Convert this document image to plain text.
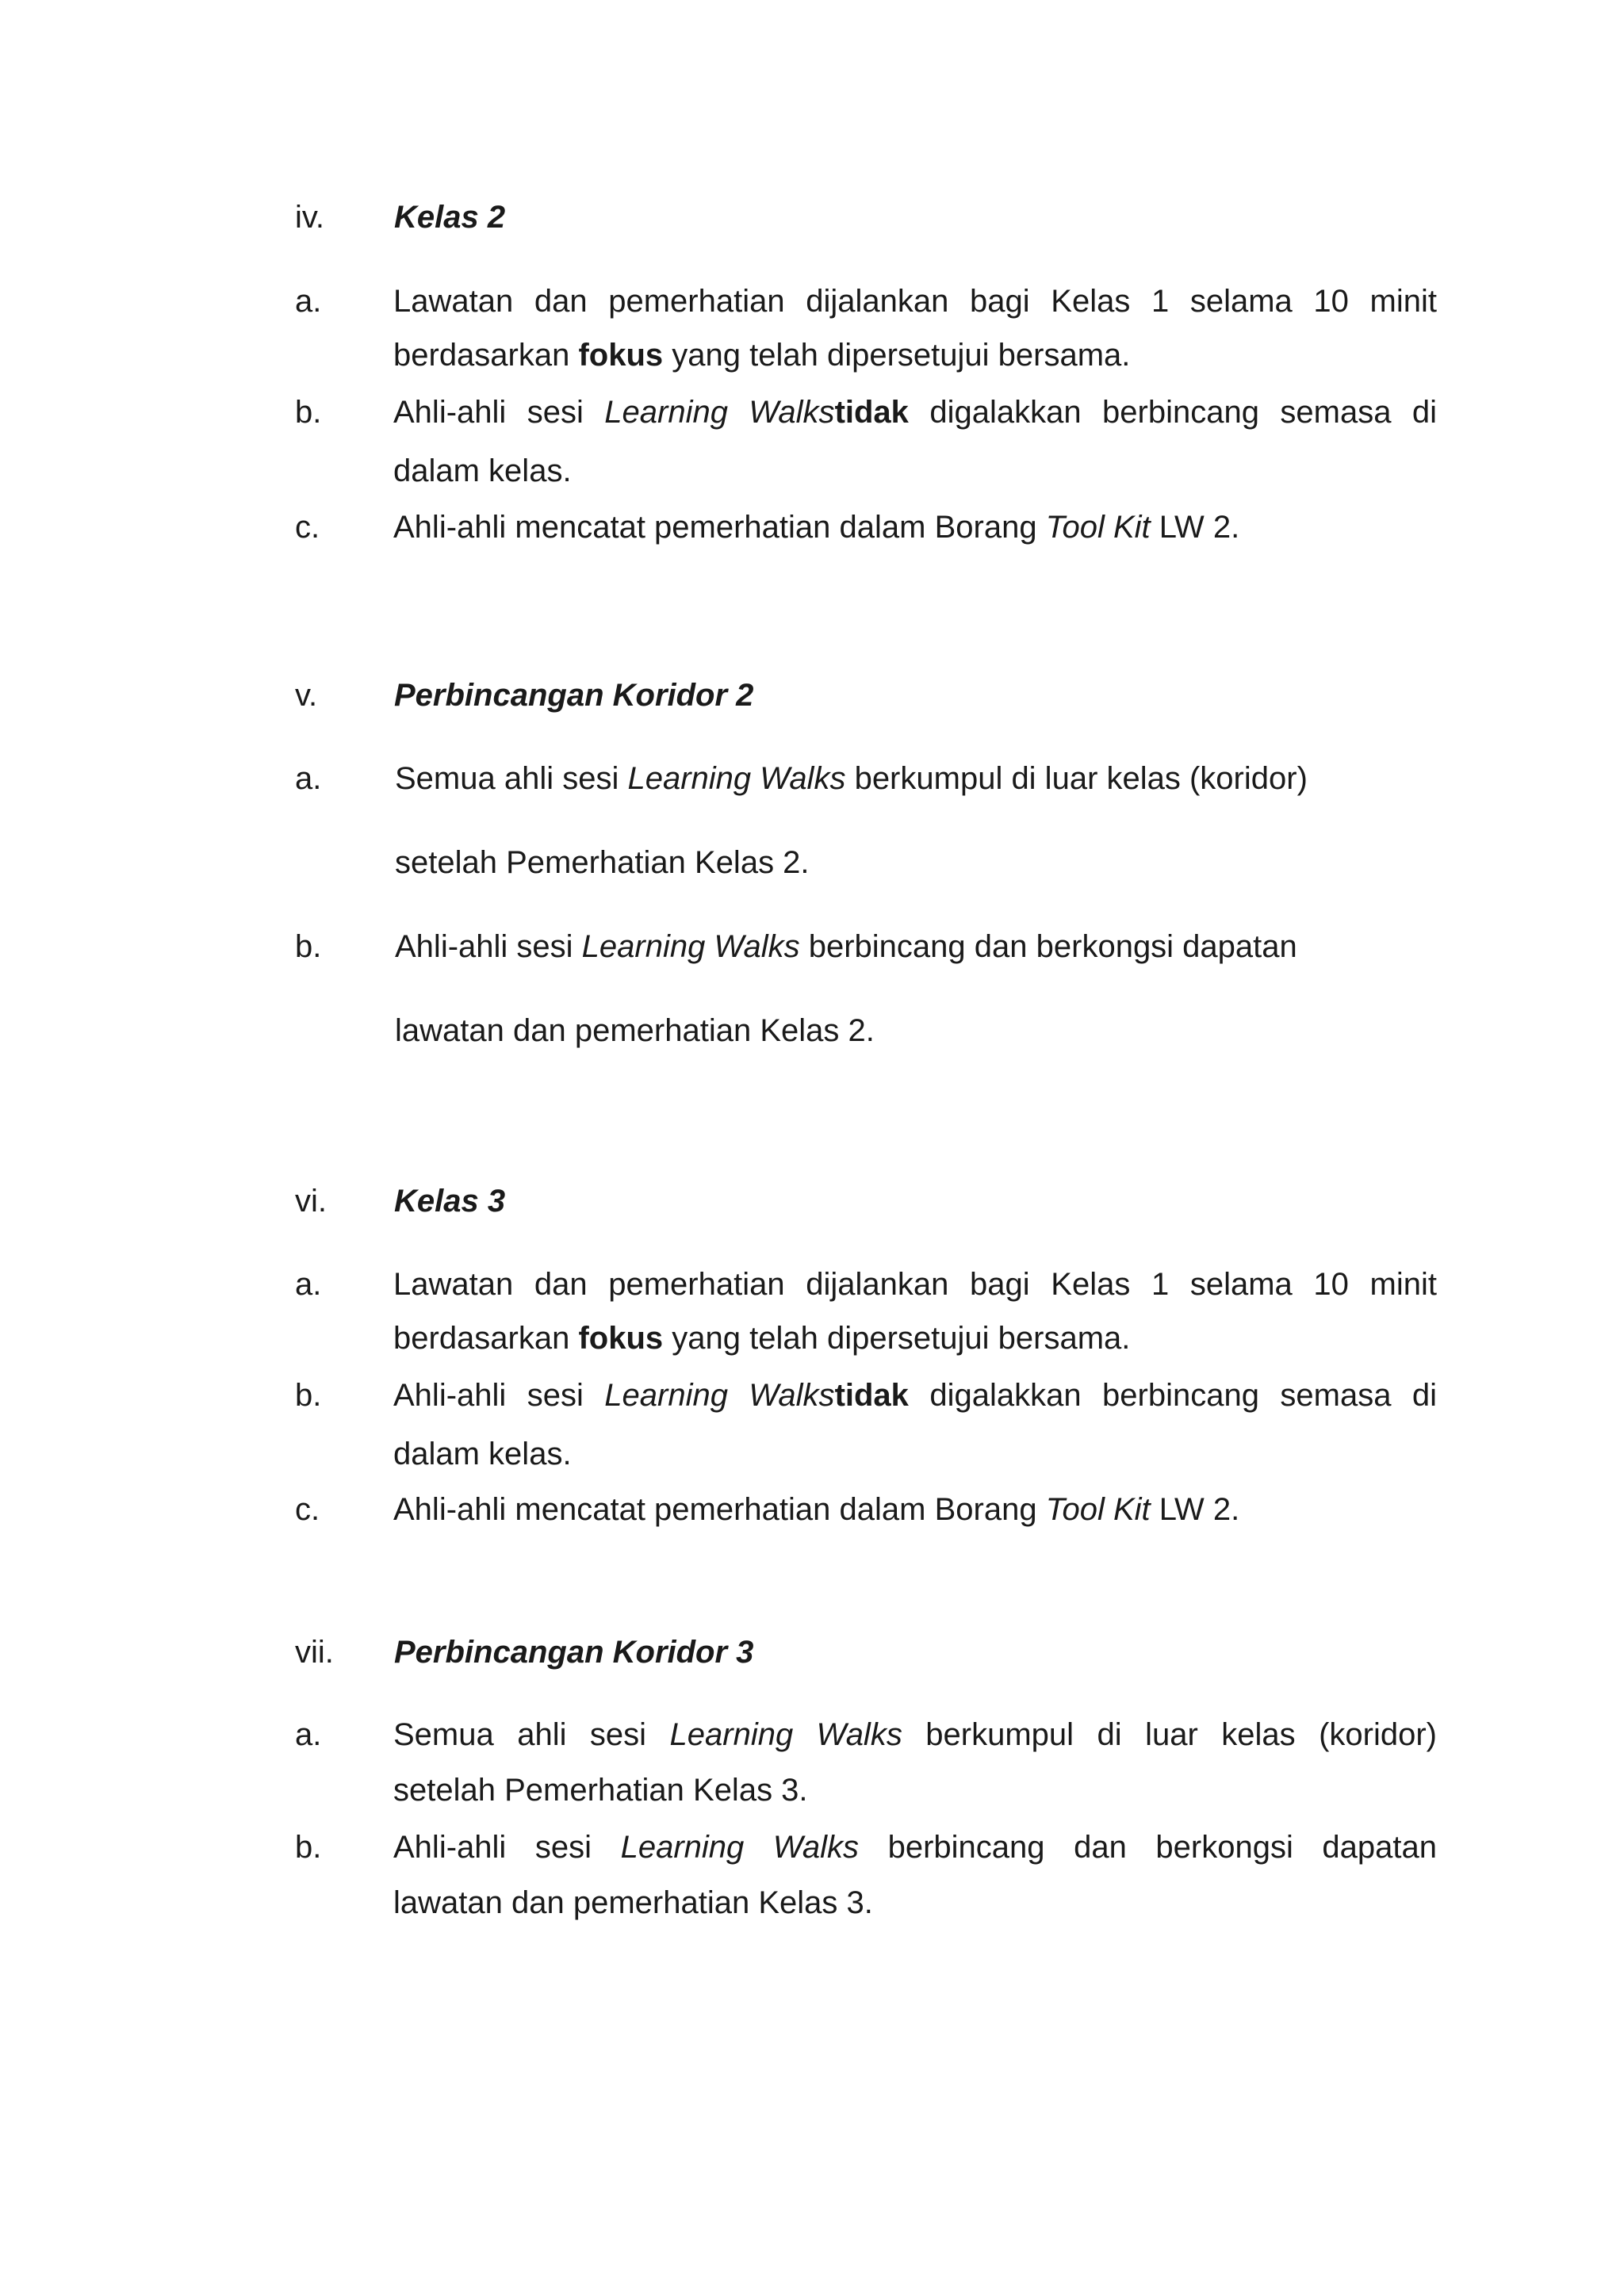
iv. Kelas 2
a. Lawatan dan pemerhatian dijalankan bagi Kelas 1 selama 10 minit
berdasarkan fokus yang telah dipersetujui bersama.
b. Ahli-ahli sesi Learning Walkstidak digalakkan berbincang semasa di
dalam kelas.
c. Ahli-ahli mencatat pemerhatian dalam Borang Tool Kit LW 2.
v. Perbincangan Koridor 2
a. Semua ahli sesi Learning Walks berkumpul di luar kelas (koridor)
setelah Pemerhatian Kelas 2.
b. Ahli-ahli sesi Learning Walks berbincang dan berkongsi dapatan
lawatan dan pemerhatian Kelas 2.
vi. Kelas 3
a. Lawatan dan pemerhatian dijalankan bagi Kelas 1 selama 10 minit
berdasarkan fokus yang telah dipersetujui bersama.
b. Ahli-ahli sesi Learning Walkstidak digalakkan berbincang semasa di
dalam kelas.
c. Ahli-ahli mencatat pemerhatian dalam Borang Tool Kit LW 2.
vii. Perbincangan Koridor 3
a. Semua ahli sesi Learning Walks berkumpul di luar kelas (koridor)
setelah Pemerhatian Kelas 3.
b. Ahli-ahli sesi Learning Walks berbincang dan berkongsi dapatan
lawatan dan pemerhatian Kelas 3.
